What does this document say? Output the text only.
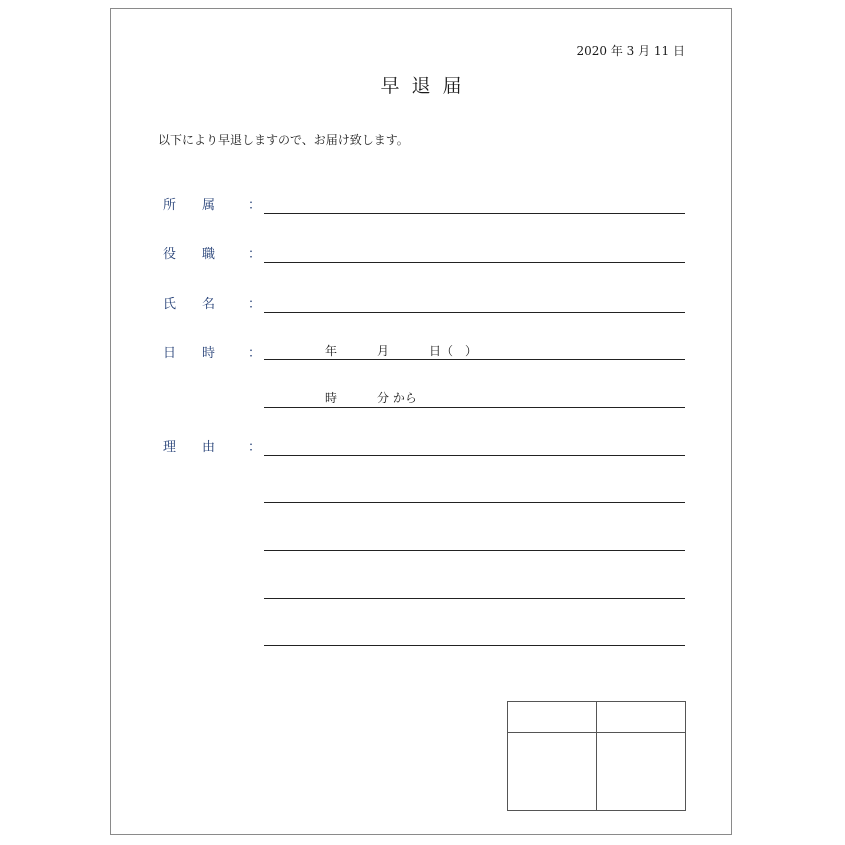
2020 年 3 月 11 日
早退届
以下により早退しますので、お届け致します。
所属 ：
役職 ：
氏名 ：
日時 ：	年	月	日（　）
時	分 から
理由 ：
